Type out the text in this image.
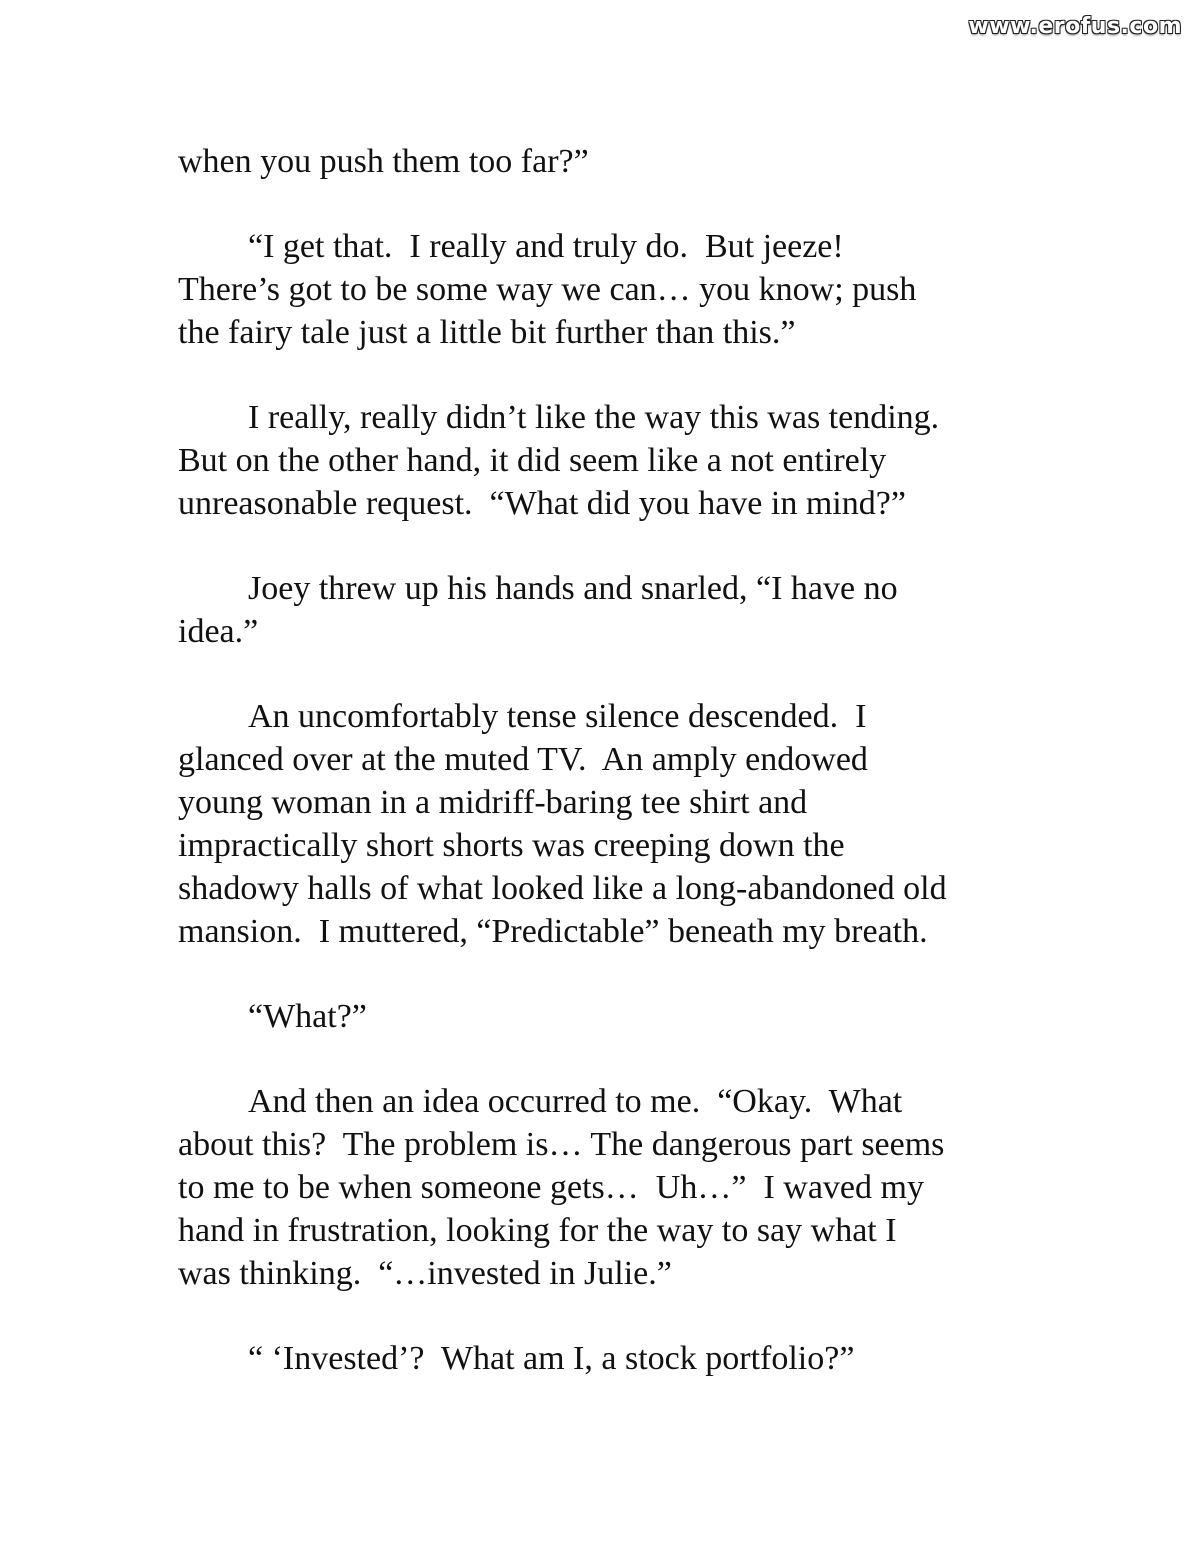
www.erofus.com

when you push them too far?”

“I get that.  I really and truly do.  But jeeze!
There’s got to be some way we can… you know; push
the fairy tale just a little bit further than this.”

I really, really didn’t like the way this was tending.
But on the other hand, it did seem like a not entirely
unreasonable request.  “What did you have in mind?”

Joey threw up his hands and snarled, “I have no
idea.”

An uncomfortably tense silence descended.  I
glanced over at the muted TV.  An amply endowed
young woman in a midriff-baring tee shirt and
impractically short shorts was creeping down the
shadowy halls of what looked like a long-abandoned old
mansion.  I muttered, “Predictable” beneath my breath.

“What?”

And then an idea occurred to me.  “Okay.  What
about this?  The problem is… The dangerous part seems
to me to be when someone gets…  Uh…”  I waved my
hand in frustration, looking for the way to say what I
was thinking.  “…invested in Julie.”

“ ‘Invested’?  What am I, a stock portfolio?”
